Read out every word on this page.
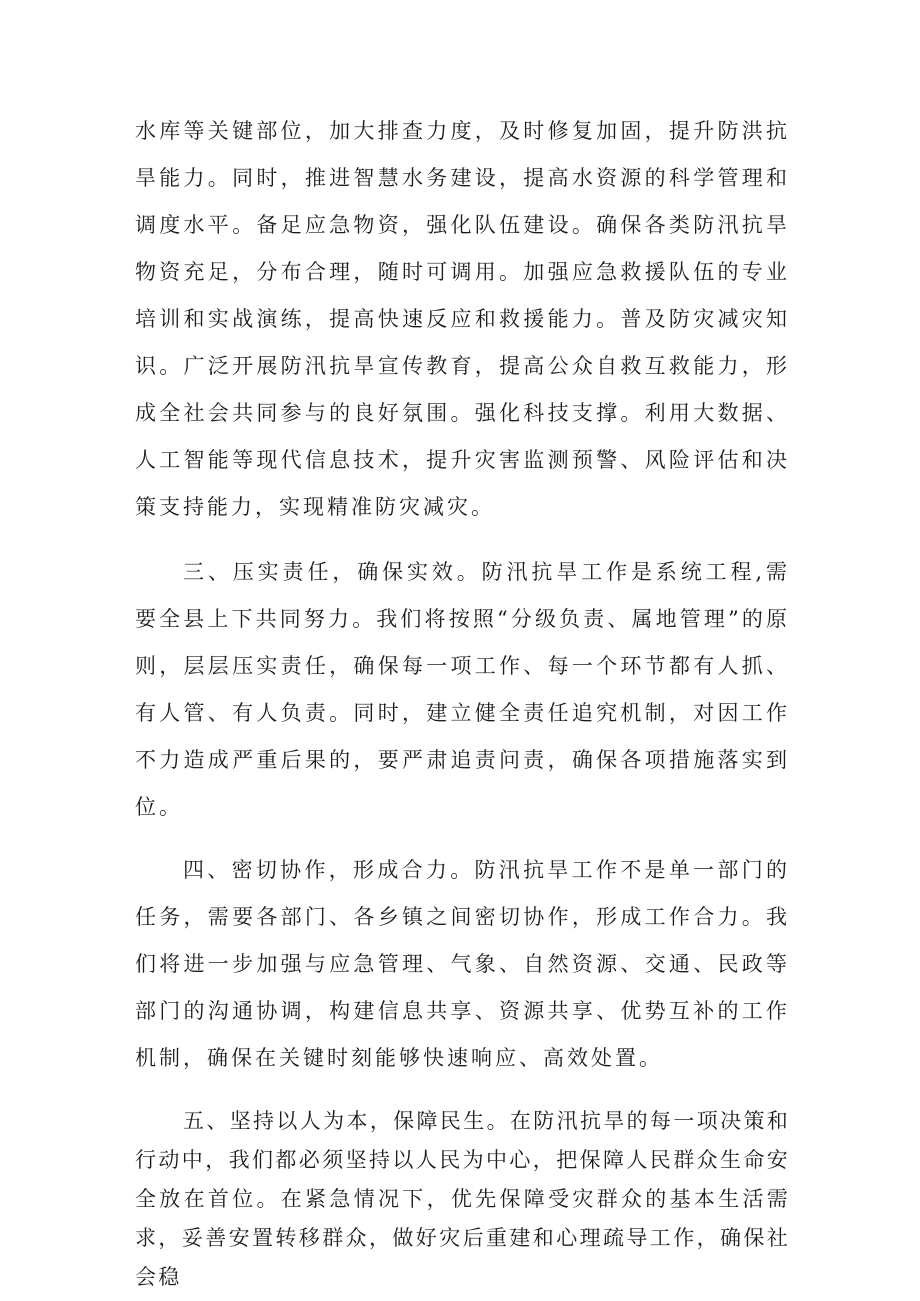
水库等关键部位，加大排查力度，及时修复加固，提升防洪抗旱能力。同时，推进智慧水务建设，提高水资源的科学管理和调度水平。备足应急物资，强化队伍建设。确保各类防汛抗旱物资充足，分布合理，随时可调用。加强应急救援队伍的专业培训和实战演练，提高快速反应和救援能力。普及防灾减灾知识。广泛开展防汛抗旱宣传教育，提高公众自救互救能力，形成全社会共同参与的良好氛围。强化科技支撑。利用大数据、人工智能等现代信息技术，提升灾害监测预警、风险评估和决策支持能力，实现精准防灾减灾。

三、压实责任，确保实效。防汛抗旱工作是系统工程,需要全县上下共同努力。我们将按照“分级负责、属地管理”的原则，层层压实责任，确保每一项工作、每一个环节都有人抓、有人管、有人负责。同时，建立健全责任追究机制，对因工作不力造成严重后果的，要严肃追责问责，确保各项措施落实到位。

四、密切协作，形成合力。防汛抗旱工作不是单一部门的任务，需要各部门、各乡镇之间密切协作，形成工作合力。我们将进一步加强与应急管理、气象、自然资源、交通、民政等部门的沟通协调，构建信息共享、资源共享、优势互补的工作机制，确保在关键时刻能够快速响应、高效处置。

五、坚持以人为本，保障民生。在防汛抗旱的每一项决策和行动中，我们都必须坚持以人民为中心，把保障人民群众生命安全放在首位。在紧急情况下，优先保障受灾群众的基本生活需求，妥善安置转移群众，做好灾后重建和心理疏导工作，确保社会稳
